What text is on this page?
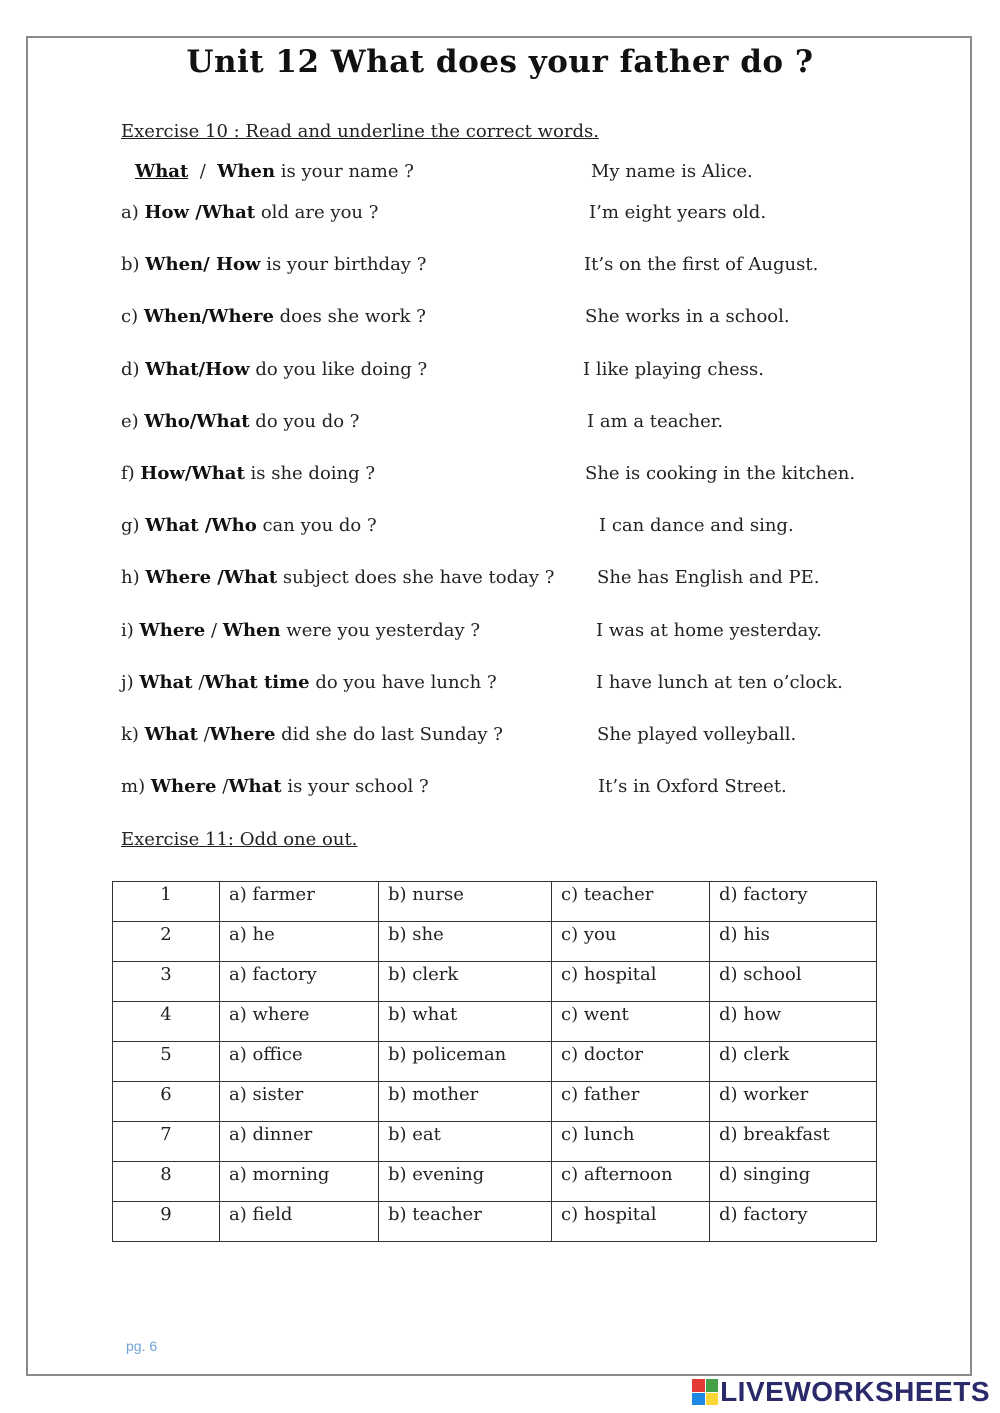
Unit 12 What does your father do ?
Exercise 10 : Read and underline the correct words.
What  /  When is your name ?	My name is Alice.
a) How /What old are you ?	I’m eight years old.
b) When/ How is your birthday ?	It’s on the first of August.
c) When/Where does she work ?	She works in a school.
d) What/How do you like doing ?	I like playing chess.
e) Who/What do you do ?	I am a teacher.
f) How/What is she doing ?	She is cooking in the kitchen.
g) What /Who can you do ?	I can dance and sing.
h) Where /What subject does she have today ? She has English and PE.
i) Where / When were you yesterday ?	I was at home yesterday.
j) What /What time do you have lunch ?	I have lunch at ten o’clock.
k) What /Where did she do last Sunday ?	She played volleyball.
m) Where /What is your school ?	It’s in Oxford Street.
Exercise 11: Odd one out.
1	a) farmer	b) nurse	c) teacher	d) factory
2	a) he	b) she	c) you	d) his
3	a) factory	b) clerk	c) hospital	d) school
4	a) where	b) what	c) went	d) how
5	a) office	b) policeman	c) doctor	d) clerk
6	a) sister	b) mother	c) father	d) worker
7	a) dinner	b) eat	c) lunch	d) breakfast
8	a) morning	b) evening	c) afternoon	d) singing
9	a) field	b) teacher	c) hospital	d) factory
pg. 6
LIVEWORKSHEETS
